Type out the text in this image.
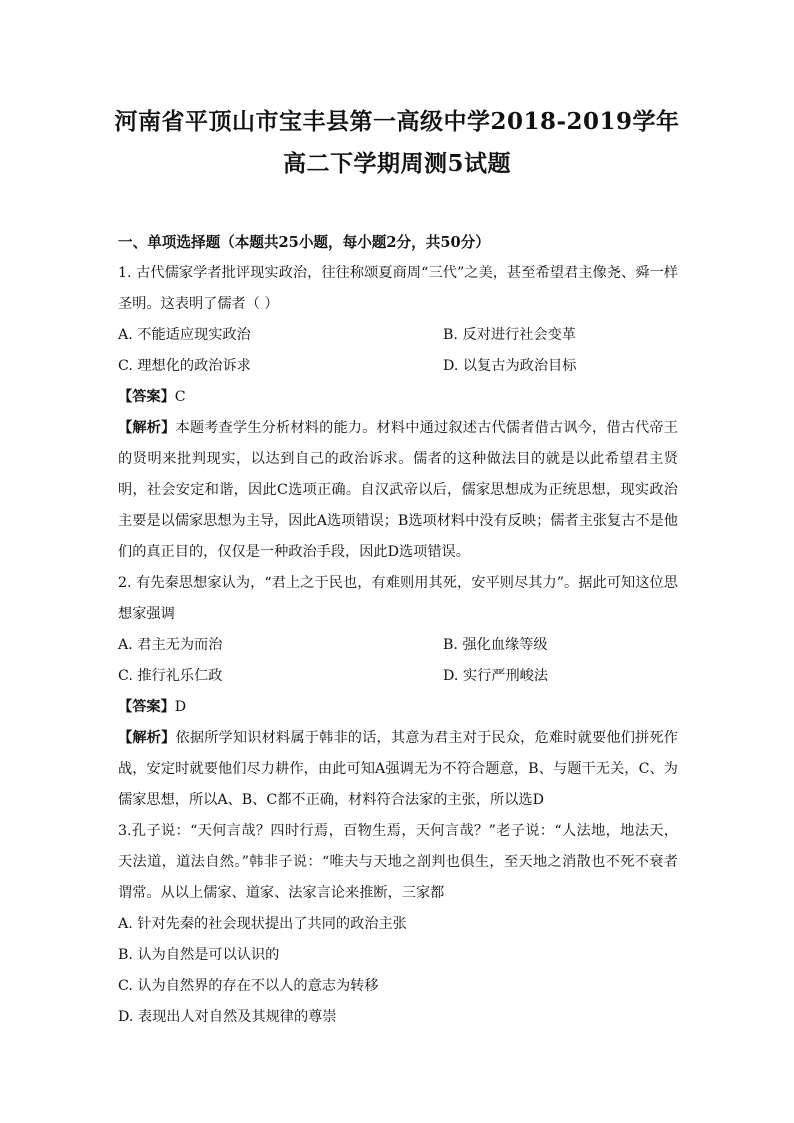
河南省平顶山市宝丰县第一高级中学2018-2019学年
高二下学期周测5试题
一、单项选择题（本题共25小题，每小题2分，共50分）

1. 古代儒家学者批评现实政治，往往称颂夏商周“三代”之美，甚至希望君主像尧、舜一样圣明。这表明了儒者（ ）

A. 不能适应现实政治	B. 反对进行社会变革
C. 理想化的政治诉求	D. 以复古为政治目标
【答案】C

【解析】本题考查学生分析材料的能力。材料中通过叙述古代儒者借古讽今，借古代帝王的贤明来批判现实，以达到自己的政治诉求。儒者的这种做法目的就是以此希望君主贤明，社会安定和谐，因此C选项正确。自汉武帝以后，儒家思想成为正统思想，现实政治主要是以儒家思想为主导，因此A选项错误；B选项材料中没有反映；儒者主张复古不是他们的真正目的，仅仅是一种政治手段，因此D选项错误。

2. 有先秦思想家认为，“君上之于民也，有难则用其死，安平则尽其力”。据此可知这位思想家强调

A. 君主无为而治	B. 强化血缘等级
C. 推行礼乐仁政	D. 实行严刑峻法
【答案】D

【解析】依据所学知识材料属于韩非的话，其意为君主对于民众，危难时就要他们拼死作战，安定时就要他们尽力耕作，由此可知A强调无为不符合题意，B、与题干无关，C、为儒家思想，所以A、B、C都不正确，材料符合法家的主张，所以选D

3.孔子说：“天何言哉？四时行焉，百物生焉，天何言哉？”老子说：“人法地，地法天，天法道，道法自然。”韩非子说：“唯夫与天地之剖判也俱生，至天地之消散也不死不衰者谓常。从以上儒家、道家、法家言论来推断，三家都

A. 针对先秦的社会现状提出了共同的政治主张
B. 认为自然是可以认识的
C. 认为自然界的存在不以人的意志为转移
D. 表现出人对自然及其规律的尊崇
